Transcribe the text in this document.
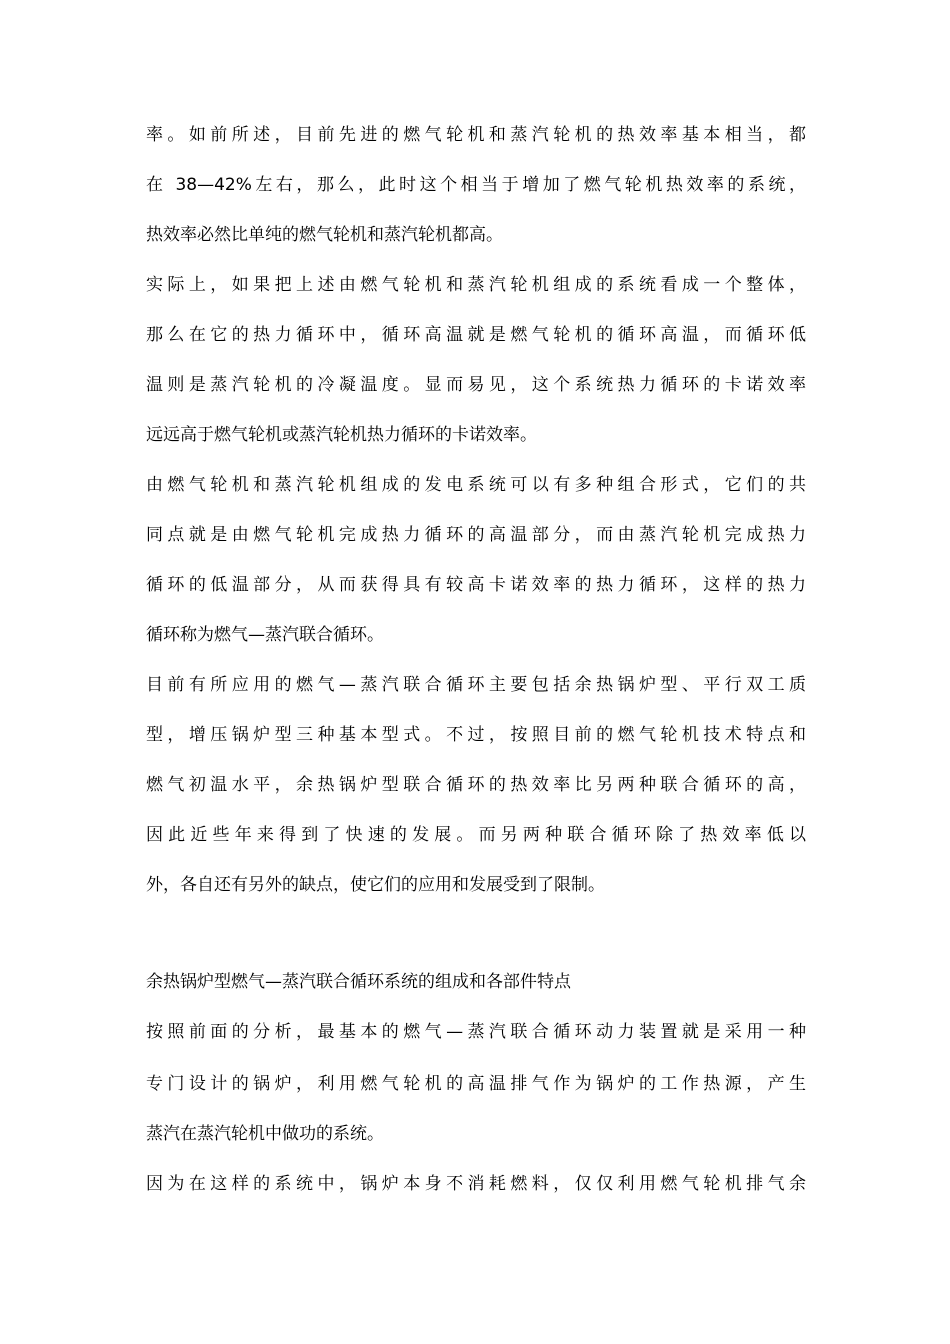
率。如前所述，目前先进的燃气轮机和蒸汽轮机的热效率基本相当，都
在 38—42%左右，那么，此时这个相当于增加了燃气轮机热效率的系统，
热效率必然比单纯的燃气轮机和蒸汽轮机都高。
实际上，如果把上述由燃气轮机和蒸汽轮机组成的系统看成一个整体，
那么在它的热力循环中，循环高温就是燃气轮机的循环高温，而循环低
温则是蒸汽轮机的冷凝温度。显而易见，这个系统热力循环的卡诺效率
远远高于燃气轮机或蒸汽轮机热力循环的卡诺效率。
由燃气轮机和蒸汽轮机组成的发电系统可以有多种组合形式，它们的共
同点就是由燃气轮机完成热力循环的高温部分，而由蒸汽轮机完成热力
循环的低温部分，从而获得具有较高卡诺效率的热力循环，这样的热力
循环称为燃气—蒸汽联合循环。
目前有所应用的燃气—蒸汽联合循环主要包括余热锅炉型、平行双工质
型，增压锅炉型三种基本型式。不过，按照目前的燃气轮机技术特点和
燃气初温水平，余热锅炉型联合循环的热效率比另两种联合循环的高，
因此近些年来得到了快速的发展。而另两种联合循环除了热效率低以
外，各自还有另外的缺点，使它们的应用和发展受到了限制。
余热锅炉型燃气—蒸汽联合循环系统的组成和各部件特点
按照前面的分析，最基本的燃气—蒸汽联合循环动力装置就是采用一种
专门设计的锅炉，利用燃气轮机的高温排气作为锅炉的工作热源，产生
蒸汽在蒸汽轮机中做功的系统。
因为在这样的系统中，锅炉本身不消耗燃料，仅仅利用燃气轮机排气余
